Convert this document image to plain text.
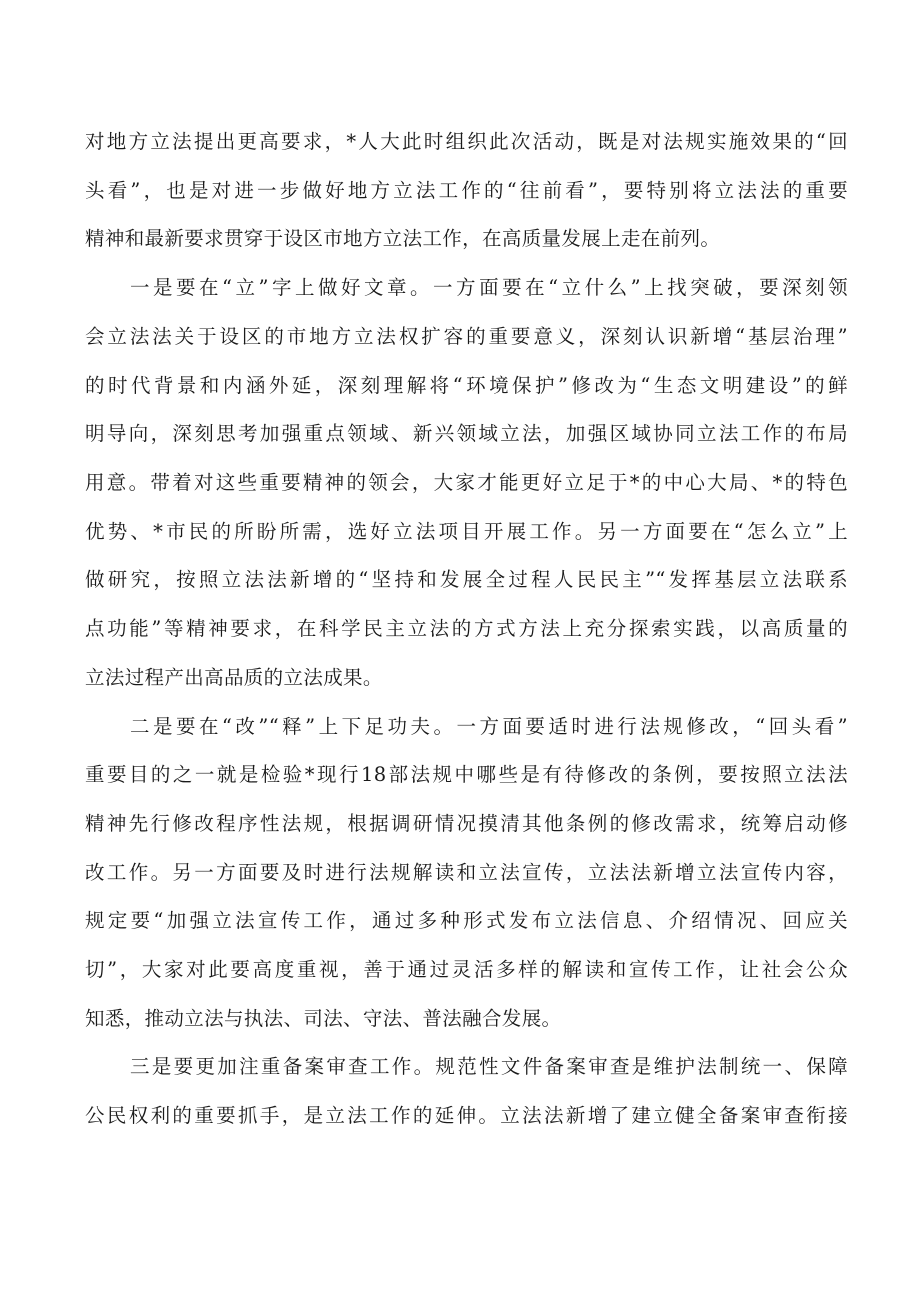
对地方立法提出更高要求，*人大此时组织此次活动，既是对法规实施效果的“回

头看”，也是对进一步做好地方立法工作的“往前看”，要特别将立法法的重要

精神和最新要求贯穿于设区市地方立法工作，在高质量发展上走在前列。

一是要在“立”字上做好文章。一方面要在“立什么”上找突破，要深刻领

会立法法关于设区的市地方立法权扩容的重要意义，深刻认识新增“基层治理”

的时代背景和内涵外延，深刻理解将“环境保护”修改为“生态文明建设”的鲜

明导向，深刻思考加强重点领域、新兴领域立法，加强区域协同立法工作的布局

用意。带着对这些重要精神的领会，大家才能更好立足于*的中心大局、*的特色

优势、*市民的所盼所需，选好立法项目开展工作。另一方面要在“怎么立”上

做研究，按照立法法新增的“坚持和发展全过程人民民主”“发挥基层立法联系

点功能”等精神要求，在科学民主立法的方式方法上充分探索实践，以高质量的

立法过程产出高品质的立法成果。

二是要在“改”“释”上下足功夫。一方面要适时进行法规修改，“回头看”

重要目的之一就是检验*现行18部法规中哪些是有待修改的条例，要按照立法法

精神先行修改程序性法规，根据调研情况摸清其他条例的修改需求，统筹启动修

改工作。另一方面要及时进行法规解读和立法宣传，立法法新增立法宣传内容，

规定要“加强立法宣传工作，通过多种形式发布立法信息、介绍情况、回应关

切”，大家对此要高度重视，善于通过灵活多样的解读和宣传工作，让社会公众

知悉，推动立法与执法、司法、守法、普法融合发展。

三是要更加注重备案审查工作。规范性文件备案审查是维护法制统一、保障

公民权利的重要抓手，是立法工作的延伸。立法法新增了建立健全备案审查衔接
